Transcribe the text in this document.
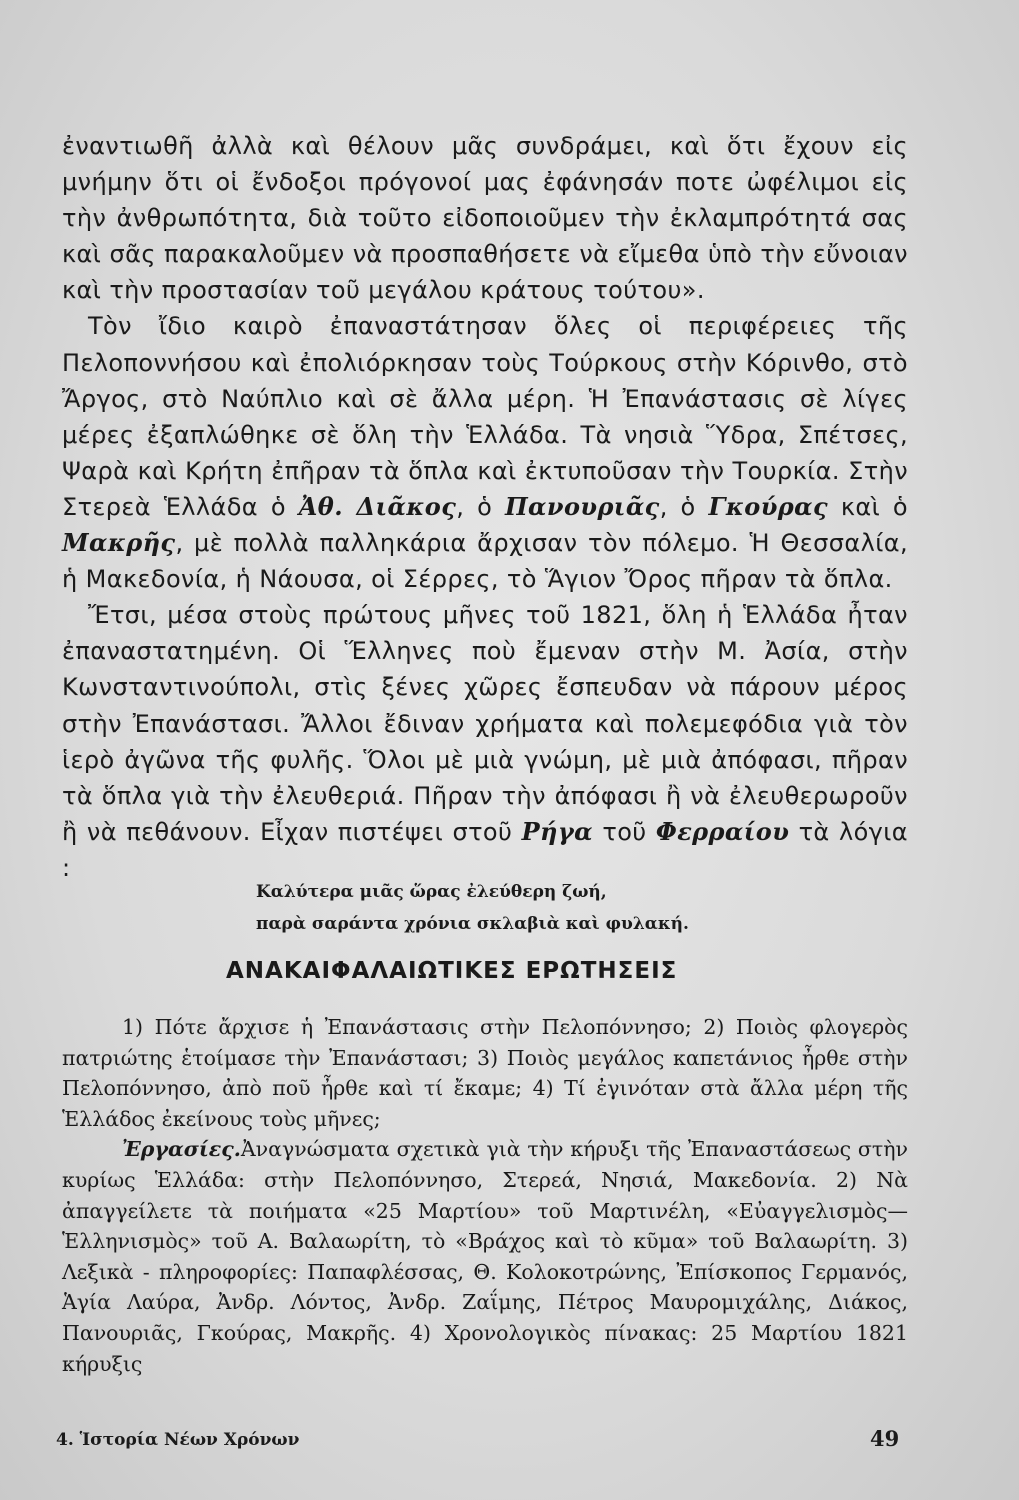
ἐναντιωθῆ ἀλλὰ καὶ θέλουν μᾶς συνδράμει, καὶ ὅτι ἔχουν εἰς μνήμην ὅτι οἱ ἔνδοξοι πρόγονοί μας ἐφάνησάν ποτε ὠφέλιμοι εἰς τὴν ἀνθρωπότητα, διὰ τοῦτο εἰδοποιοῦμεν τὴν ἐκλαμπρότητά σας καὶ σᾶς παρακαλοῦμεν νὰ προσπαθήσετε νὰ εἴμεθα ὑπὸ τὴν εὔνοιαν καὶ τὴν προστασίαν τοῦ μεγάλου κράτους τούτου».

Τὸν ἴδιο καιρὸ ἐπαναστάτησαν ὅλες οἱ περιφέρειες τῆς Πελοποννήσου καὶ ἐπολιόρκησαν τοὺς Τούρκους στὴν Κόρινθο, στὸ Ἄργος, στὸ Ναύπλιο καὶ σὲ ἄλλα μέρη. Ἡ Ἐπανάστασις σὲ λίγες μέρες ἐξαπλώθηκε σὲ ὅλη τὴν Ἑλλάδα. Τὰ νησιὰ Ὕδρα, Σπέτσες, Ψαρὰ καὶ Κρήτη ἐπῆραν τὰ ὅπλα καὶ ἐκτυποῦσαν τὴν Τουρκία. Στὴν Στερεὰ Ἑλλάδα ὁ Ἀθ. Διᾶκος, ὁ Πανουριᾶς, ὁ Γκούρας καὶ ὁ Μακρῆς, μὲ πολλὰ παλληκάρια ἄρχισαν τὸν πόλεμο. Ἡ Θεσσαλία, ἡ Μακεδονία, ἡ Νάουσα, οἱ Σέρρες, τὸ Ἅγιον Ὄρος πῆραν τὰ ὅπλα.

Ἔτσι, μέσα στοὺς πρώτους μῆνες τοῦ 1821, ὅλη ἡ Ἑλλάδα ἦταν ἐπαναστατημένη. Οἱ Ἕλληνες ποὺ ἔμεναν στὴν Μ. Ἀσία, στὴν Κωνσταντινούπολι, στὶς ξένες χῶρες ἔσπευδαν νὰ πάρουν μέρος στὴν Ἐπανάστασι. Ἄλλοι ἔδιναν χρήματα καὶ πολεμεφόδια γιὰ τὸν ἱερὸ ἀγῶνα τῆς φυλῆς. Ὅλοι μὲ μιὰ γνώμη, μὲ μιὰ ἀπόφασι, πῆραν τὰ ὅπλα γιὰ τὴν ἐλευθεριά. Πῆραν τὴν ἀπόφασι ἢ νὰ ἐλευθερωροῦν ἢ νὰ πεθάνουν. Εἶχαν πιστέψει στοῦ Ρήγα τοῦ Φερραίου τὰ λόγια :

Καλύτερα μιᾶς ὥρας ἐλεύθερη ζωή,
παρὰ σαράντα χρόνια σκλαβιὰ καὶ φυλακή.
ΑΝΑΚΑΙΦΑΛΑΙΩΤΙΚΕΣ ΕΡΩΤΗΣΕΙΣ

1) Πότε ἄρχισε ἡ Ἐπανάστασις στὴν Πελοπόννησο; 2) Ποιὸς φλογερὸς πατριώτης ἑτοίμασε τὴν Ἐπανάστασι; 3) Ποιὸς μεγάλος καπετάνιος ἦρθε στὴν Πελοπόννησο, ἀπὸ ποῦ ἦρθε καὶ τί ἔκαμε; 4) Τί ἐγινόταν στὰ ἄλλα μέρη τῆς Ἑλλάδος ἐκείνους τοὺς μῆνες;

Ἐργασίες.Ἀναγνώσματα σχετικὰ γιὰ τὴν κήρυξι τῆς Ἐπαναστάσεως στὴν κυρίως Ἑλλάδα: στὴν Πελοπόννησο, Στερεά, Νησιά, Μακεδονία. 2) Νὰ ἀπαγγείλετε τὰ ποιήματα «25 Μαρτίου» τοῦ Μαρτινέλη, «Εὐαγγελισμὸς—Ἑλληνισμὸς» τοῦ Α. Βαλαωρίτη, τὸ «Βράχος καὶ τὸ κῦμα» τοῦ Βαλαωρίτη. 3) Λεξικὰ - πληροφορίες: Παπαφλέσσας, Θ. Κολοκοτρώνης, Ἐπίσκοπος Γερμανός, Ἁγία Λαύρα, Ἀνδρ. Λόντος, Ἀνδρ. Ζαΐμης, Πέτρος Μαυρομιχάλης, Διάκος, Πανουριᾶς, Γκούρας, Μακρῆς. 4) Χρονολογικὸς πίνακας: 25 Μαρτίου 1821 κήρυξις

4. Ἱστορία Νέων Χρόνων	49
